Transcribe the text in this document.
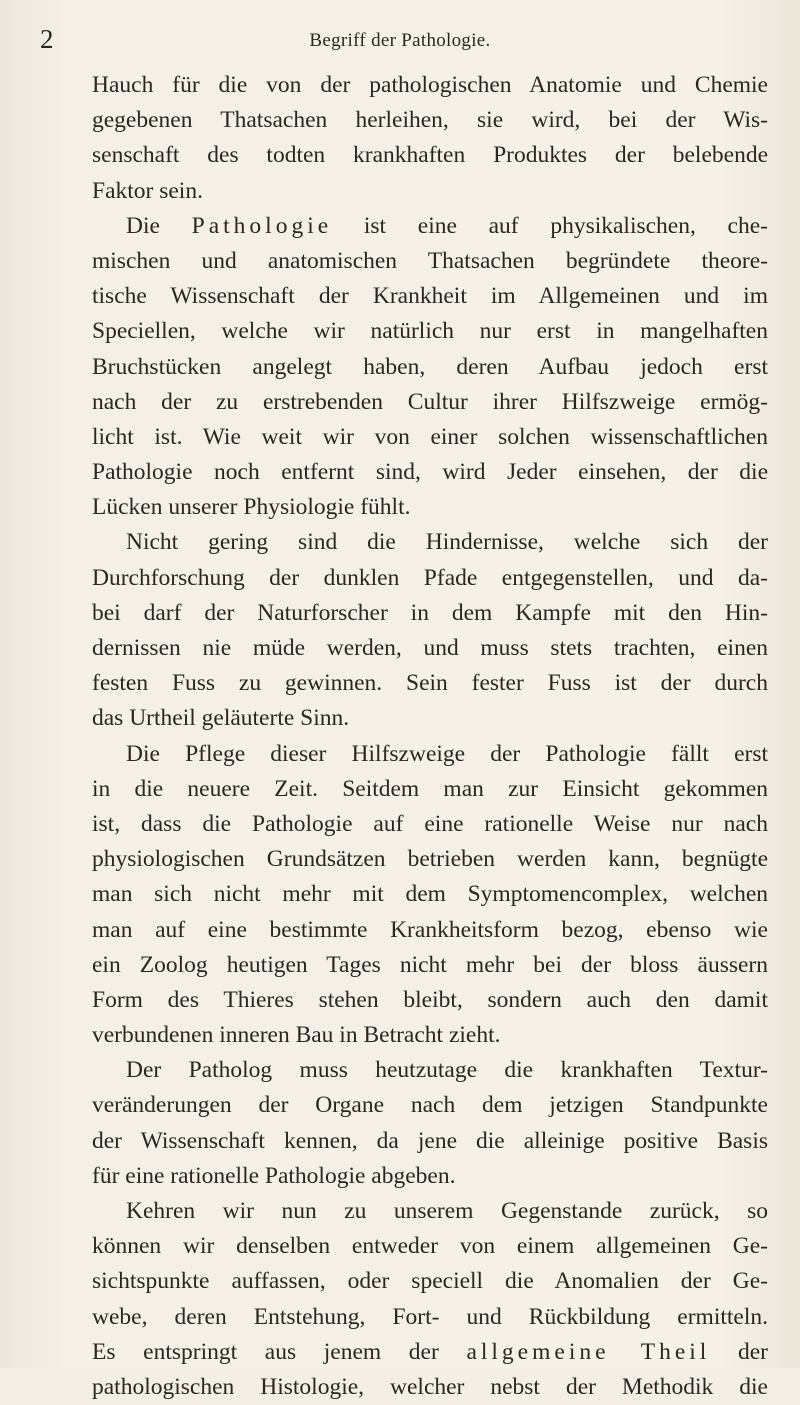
2	Begriff der Pathologie.
Hauch für die von der pathologischen Anatomie und Chemie
gegebenen Thatsachen herleihen, sie wird, bei der Wis-
senschaft des todten krankhaften Produktes der belebende
Faktor sein.
Die Pathologie ist eine auf physikalischen, che-
mischen und anatomischen Thatsachen begründete theore-
tische Wissenschaft der Krankheit im Allgemeinen und im
Speciellen, welche wir natürlich nur erst in mangelhaften
Bruchstücken angelegt haben, deren Aufbau jedoch erst
nach der zu erstrebenden Cultur ihrer Hilfszweige ermög-
licht ist. Wie weit wir von einer solchen wissenschaftlichen
Pathologie noch entfernt sind, wird Jeder einsehen, der die
Lücken unserer Physiologie fühlt.
Nicht gering sind die Hindernisse, welche sich der
Durchforschung der dunklen Pfade entgegenstellen, und da-
bei darf der Naturforscher in dem Kampfe mit den Hin-
dernissen nie müde werden, und muss stets trachten, einen
festen Fuss zu gewinnen. Sein fester Fuss ist der durch
das Urtheil geläuterte Sinn.
Die Pflege dieser Hilfszweige der Pathologie fällt erst
in die neuere Zeit. Seitdem man zur Einsicht gekommen
ist, dass die Pathologie auf eine rationelle Weise nur nach
physiologischen Grundsätzen betrieben werden kann, begnügte
man sich nicht mehr mit dem Symptomencomplex, welchen
man auf eine bestimmte Krankheitsform bezog, ebenso wie
ein Zoolog heutigen Tages nicht mehr bei der bloss äussern
Form des Thieres stehen bleibt, sondern auch den damit
verbundenen inneren Bau in Betracht zieht.
Der Patholog muss heutzutage die krankhaften Textur-
veränderungen der Organe nach dem jetzigen Standpunkte
der Wissenschaft kennen, da jene die alleinige positive Basis
für eine rationelle Pathologie abgeben.
Kehren wir nun zu unserem Gegenstande zurück, so
können wir denselben entweder von einem allgemeinen Ge-
sichtspunkte auffassen, oder speciell die Anomalien der Ge-
webe, deren Entstehung, Fort- und Rückbildung ermitteln.
Es entspringt aus jenem der allgemeine Theil der
pathologischen Histologie, welcher nebst der Methodik die
